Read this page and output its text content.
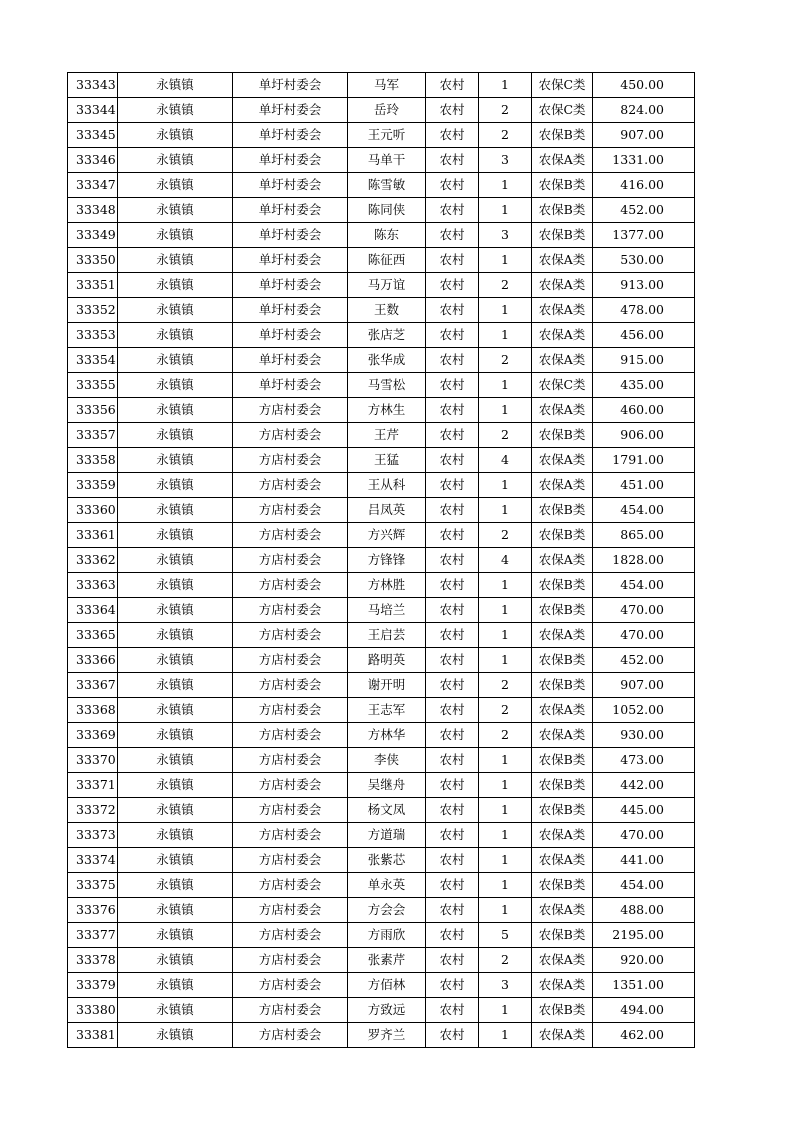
33343	永镇镇	单圩村委会	马军	农村	1	农保C类	450.00
33344	永镇镇	单圩村委会	岳玲	农村	2	农保C类	824.00
33345	永镇镇	单圩村委会	王元听	农村	2	农保B类	907.00
33346	永镇镇	单圩村委会	马单干	农村	3	农保A类	1331.00
33347	永镇镇	单圩村委会	陈雪敏	农村	1	农保B类	416.00
33348	永镇镇	单圩村委会	陈同侠	农村	1	农保B类	452.00
33349	永镇镇	单圩村委会	陈东	农村	3	农保B类	1377.00
33350	永镇镇	单圩村委会	陈征西	农村	1	农保A类	530.00
33351	永镇镇	单圩村委会	马万谊	农村	2	农保A类	913.00
33352	永镇镇	单圩村委会	王数	农村	1	农保A类	478.00
33353	永镇镇	单圩村委会	张店芝	农村	1	农保A类	456.00
33354	永镇镇	单圩村委会	张华成	农村	2	农保A类	915.00
33355	永镇镇	单圩村委会	马雪松	农村	1	农保C类	435.00
33356	永镇镇	方店村委会	方林生	农村	1	农保A类	460.00
33357	永镇镇	方店村委会	王芹	农村	2	农保B类	906.00
33358	永镇镇	方店村委会	王猛	农村	4	农保A类	1791.00
33359	永镇镇	方店村委会	王从科	农村	1	农保A类	451.00
33360	永镇镇	方店村委会	吕凤英	农村	1	农保B类	454.00
33361	永镇镇	方店村委会	方兴辉	农村	2	农保B类	865.00
33362	永镇镇	方店村委会	方锋锋	农村	4	农保A类	1828.00
33363	永镇镇	方店村委会	方林胜	农村	1	农保B类	454.00
33364	永镇镇	方店村委会	马培兰	农村	1	农保B类	470.00
33365	永镇镇	方店村委会	王启芸	农村	1	农保A类	470.00
33366	永镇镇	方店村委会	路明英	农村	1	农保B类	452.00
33367	永镇镇	方店村委会	谢开明	农村	2	农保B类	907.00
33368	永镇镇	方店村委会	王志军	农村	2	农保A类	1052.00
33369	永镇镇	方店村委会	方林华	农村	2	农保A类	930.00
33370	永镇镇	方店村委会	李侠	农村	1	农保B类	473.00
33371	永镇镇	方店村委会	吴继舟	农村	1	农保B类	442.00
33372	永镇镇	方店村委会	杨文凤	农村	1	农保B类	445.00
33373	永镇镇	方店村委会	方道瑞	农村	1	农保A类	470.00
33374	永镇镇	方店村委会	张紫芯	农村	1	农保A类	441.00
33375	永镇镇	方店村委会	单永英	农村	1	农保B类	454.00
33376	永镇镇	方店村委会	方会会	农村	1	农保A类	488.00
33377	永镇镇	方店村委会	方雨欣	农村	5	农保B类	2195.00
33378	永镇镇	方店村委会	张素芹	农村	2	农保A类	920.00
33379	永镇镇	方店村委会	方佰林	农村	3	农保A类	1351.00
33380	永镇镇	方店村委会	方致远	农村	1	农保B类	494.00
33381	永镇镇	方店村委会	罗齐兰	农村	1	农保A类	462.00
